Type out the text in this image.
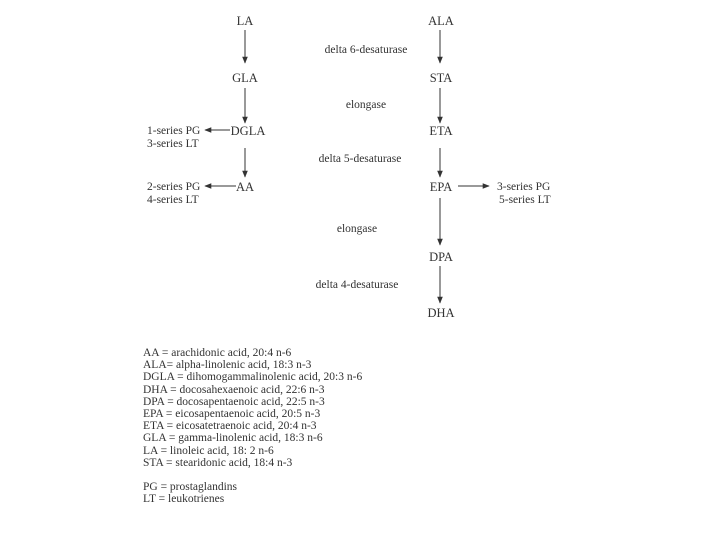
LA
GLA
DGLA
AA
ALA
STA
ETA
EPA
DPA
DHA
delta 6-desaturase
elongase
delta 5-desaturase
elongase
delta 4-desaturase
1-series PG
3-series LT
2-series PG
4-series LT
3-series PG
5-series LT
AA = arachidonic acid, 20:4 n-6
ALA= alpha-linolenic acid, 18:3 n-3
DGLA = dihomogammalinolenic acid, 20:3 n-6
DHA = docosahexaenoic acid, 22:6 n-3
DPA = docosapentaenoic acid, 22:5 n-3
EPA = eicosapentaenoic acid, 20:5 n-3
ETA = eicosatetraenoic acid, 20:4 n-3
GLA = gamma-linolenic acid, 18:3 n-6
LA = linoleic acid, 18: 2 n-6
STA = stearidonic acid, 18:4 n-3
PG = prostaglandins
LT = leukotrienes
